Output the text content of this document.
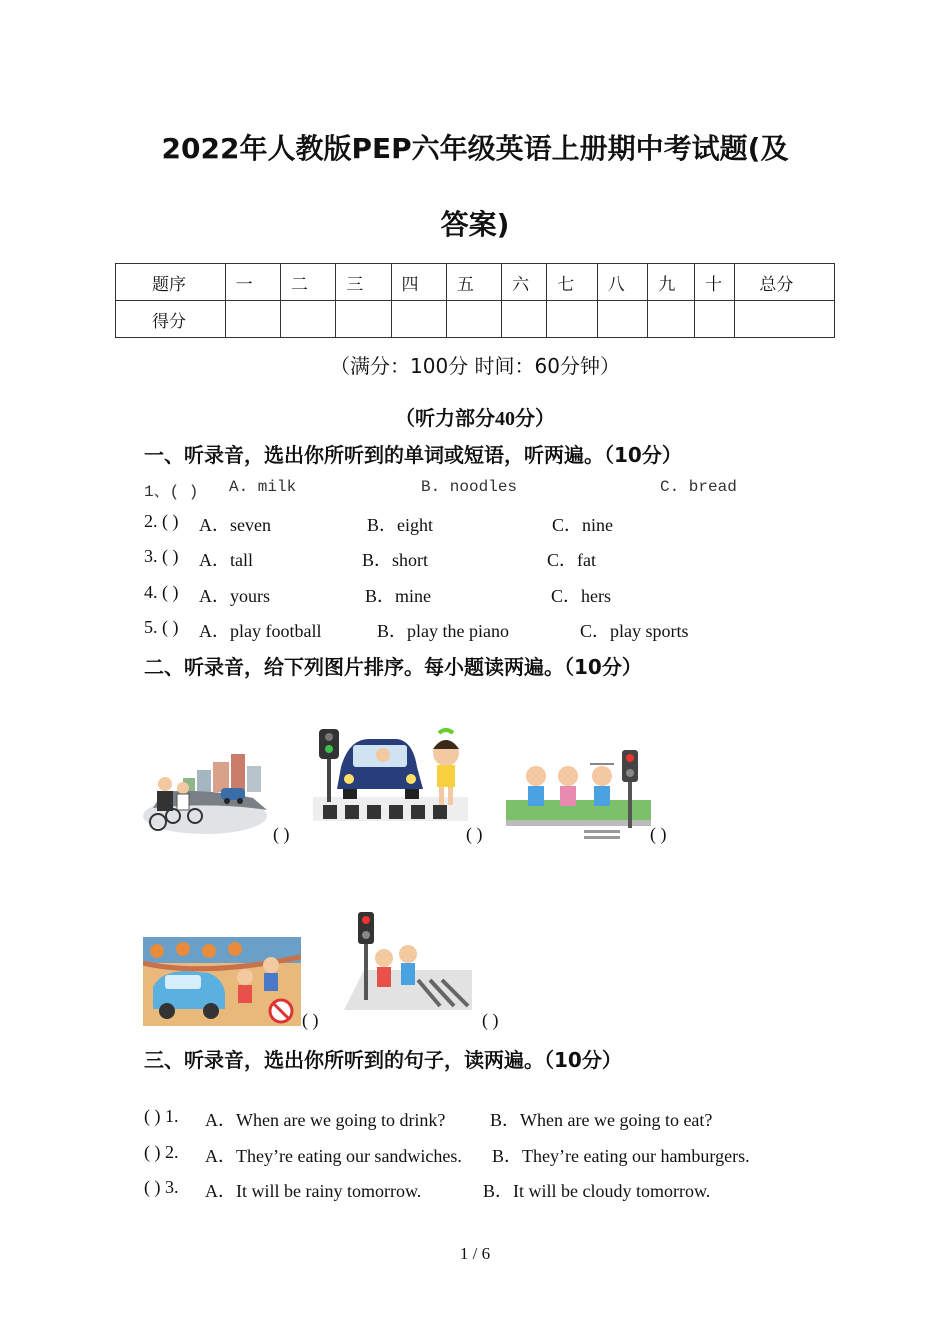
2022年人教版PEP六年级英语上册期中考试题(及
答案)
题序	一	二	三	四	五	六	七	八	九	十	总分
得分											
（满分：100分 时间：60分钟）
（听力部分40分）
一、听录音，选出你所听到的单词或短语，听两遍。（10分）
1、( ) A. milk	B. noodles	C. bread
2. ( ) A．seven	B．eight	C．nine
3. ( ) A．tall	B．short	C．fat
4. ( ) A．yours	B．mine	C．hers
5. ( ) A．play football	B．play the piano	C．play sports
二、听录音，给下列图片排序。每小题读两遍。（10分）
( )	( )	( )
( )	( )
三、听录音，选出你所听到的句子，读两遍。（10分）
( ) 1. A．When are we going to drink? B．When are we going to eat?
( ) 2. A．They’re eating our sandwiches. B．They’re eating our hamburgers.
( ) 3. A．It will be rainy tomorrow.	B．It will be cloudy tomorrow.
1 / 6
